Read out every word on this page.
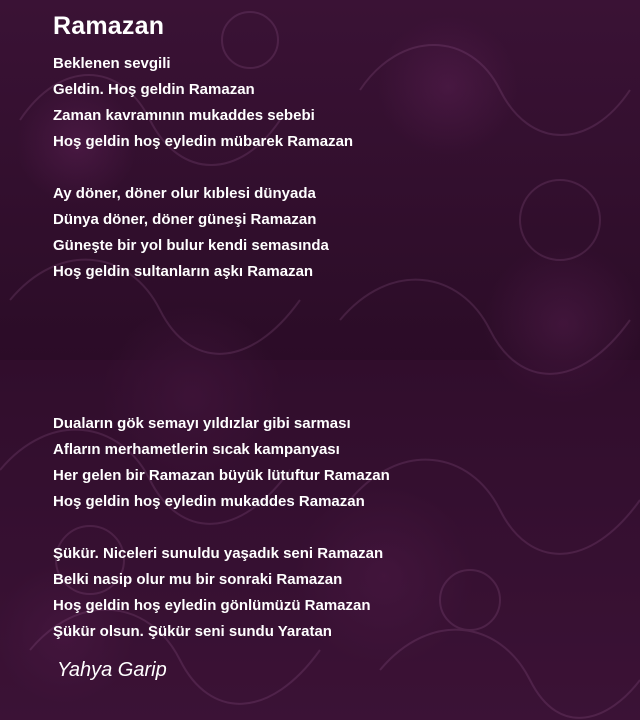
Ramazan
Beklenen sevgili
Geldin. Hoş geldin Ramazan
Zaman kavramının mukaddes sebebi
Hoş geldin hoş eyledin mübarek Ramazan
Ay döner, döner olur kıblesi dünyada
Dünya döner, döner güneşi Ramazan
Güneşte bir yol bulur kendi semasında
Hoş geldin sultanların aşkı Ramazan
Duaların gök semayı yıldızlar gibi sarması
Afların merhametlerin sıcak kampanyası
Her gelen bir Ramazan büyük lütuftur Ramazan
Hoş geldin hoş eyledin mukaddes Ramazan
Şükür. Niceleri sunuldu yaşadık seni Ramazan
Belki nasip olur mu bir sonraki Ramazan
Hoş geldin hoş eyledin gönlümüzü Ramazan
Şükür olsun. Şükür seni sundu Yaratan

Yahya Garip
